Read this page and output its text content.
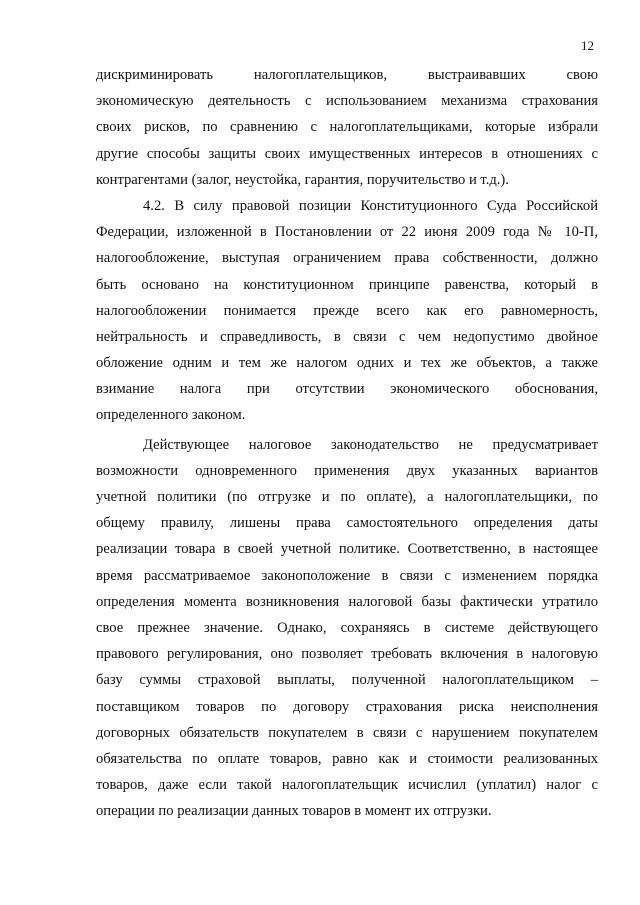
12
дискриминировать налогоплательщиков, выстраивавших свою
экономическую деятельность с использованием механизма страхования
своих рисков, по сравнению с налогоплательщиками, которые избрали
другие способы защиты своих имущественных интересов в отношениях с
контрагентами (залог, неустойка, гарантия, поручительство и т.д.).
4.2. В силу правовой позиции Конституционного Суда Российской
Федерации, изложенной в Постановлении от 22 июня 2009 года № 10-П,
налогообложение, выступая ограничением права собственности, должно
быть основано на конституционном принципе равенства, который в
налогообложении понимается прежде всего как его равномерность,
нейтральность и справедливость, в связи с чем недопустимо двойное
обложение одним и тем же налогом одних и тех же объектов, а также
взимание налога при отсутствии экономического обоснования,
определенного законом.
Действующее налоговое законодательство не предусматривает
возможности одновременного применения двух указанных вариантов
учетной политики (по отгрузке и по оплате), а налогоплательщики, по
общему правилу, лишены права самостоятельного определения даты
реализации товара в своей учетной политике. Соответственно, в настоящее
время рассматриваемое законоположение в связи с изменением порядка
определения момента возникновения налоговой базы фактически утратило
свое прежнее значение. Однако, сохраняясь в системе действующего
правового регулирования, оно позволяет требовать включения в налоговую
базу суммы страховой выплаты, полученной налогоплательщиком –
поставщиком товаров по договору страхования риска неисполнения
договорных обязательств покупателем в связи с нарушением покупателем
обязательства по оплате товаров, равно как и стоимости реализованных
товаров, даже если такой налогоплательщик исчислил (уплатил) налог с
операции по реализации данных товаров в момент их отгрузки.
